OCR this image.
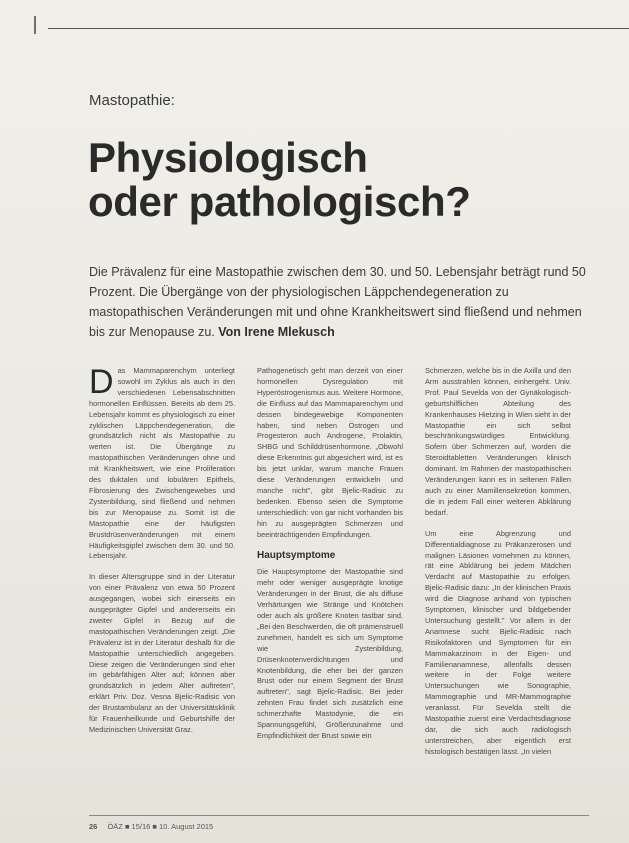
Mastopathie:
Physiologisch
oder pathologisch?
Die Prävalenz für eine Mastopathie zwischen dem 30. und 50. Lebensjahr beträgt rund 50 Prozent. Die Übergänge von der physiologischen Läppchendegeneration zu mastopathischen Veränderungen mit und ohne Krankheitswert sind fließend und nehmen bis zur Menopause zu. Von Irene Mlekusch

Das Mammaparenchym unterliegt sowohl im Zyklus als auch in den verschiedenen Lebensabschnitten hormonellen Einflüssen. Bereits ab dem 25. Lebensjahr kommt es physiologisch zu einer zyklischen Läppchendegeneration, die grundsätzlich nicht als Mastopathie zu werten ist. Die Übergänge zu mastopathischen Veränderungen ohne und mit Krankheitswert, wie eine Proliferation des duktalen und lobulären Epithels, Fibrosierung des Zwischengewebes und Zystenbildung, sind fließend und nehmen bis zur Menopause zu. Somit ist die Mastopathie eine der häufigsten Brustdrüsenveränderungen mit einem Häufigkeitsgipfel zwischen dem 30. und 50. Lebensjahr.

In dieser Altersgruppe sind in der Literatur von einer Prävalenz von etwa 50 Prozent ausgegangen, wobei sich einerseits ein ausgeprägter Gipfel und andererseits ein zweiter Gipfel in Bezug auf die mastopathischen Veränderungen zeigt. „Die Prävalenz ist in der Literatur deshalb für die Mastopathie unterschiedlich angegeben. Diese zeigen die Veränderungen sind eher im gebärfähigen Alter auf; können aber grundsätzlich in jedem Alter auftreten", erklärt Priv. Doz. Vesna Bjelic-Radisic von der Brustambulanz an der Universitätsklinik für Frauenheilkunde und Geburtshilfe der Medizinischen Universität Graz.

Pathogenetisch geht man derzeit von einer hormonellen Dysregulation mit Hyperöstrogenismus aus. Weitere Hormone, die Einfluss auf das Mammaparenchym und dessen bindegewebige Komponenten haben, sind neben Östrogen und Progesteron auch Androgene, Prolaktin, SHBG und Schilddrüsenhormone. „Obwohl diese Erkenntnis gut abgesichert wird, ist es bis jetzt unklar, warum manche Frauen diese Veränderungen entwickeln und manche nicht", gibt Bjelic-Radisic zu bedenken. Ebenso seien die Symptome unterschiedlich: von gar nicht vorhanden bis hin zu ausgeprägten Schmerzen und beeinträchtigenden Empfindungen.

Hauptsymptome

Die Hauptsymptome der Mastopathie sind mehr oder weniger ausgeprägte knotige Veränderungen in der Brust, die als diffuse Verhärtungen wie Stränge und Knötchen oder auch als größere Knoten tastbar sind. „Bei den Beschwerden, die oft prämenstruell zunehmen, handelt es sich um Symptome wie Zystenbildung, Drüsenknotenverdichtungen und Knotenbildung, die eher bei der ganzen Brust oder nur einem Segment der Brust auftreten", sagt Bjelic-Radisic. Bei jeder zehnten Frau findet sich zusätzlich eine schmerzhafte Mastodynie, die ein Spannungsgefühl, Größenzunahme und Empfindlichkeit der Brust sowie ein

Schmerzen, welche bis in die Axilla und den Arm ausstrahlen können, einhergeht. Univ. Prof. Paul Sevelda von der Gynäkologisch-geburtshilflichen Abteilung des Krankenhauses Hietzing in Wien sieht in der Mastopathie ein sich selbst beschränkungswürdiges Entwicklung. Sofern über Schmerzen auf, worden die Steroidtabletten Veränderungen klinisch dominant. Im Rahmen der mastopathischen Veränderungen kann es in seltenen Fällen auch zu einer Mamillensekretion kommen, die in jedem Fall einer weiteren Abklärung bedarf.

Um eine Abgrenzung und Differentialdiagnose zu Präkanzerosen und malignen Läsionen vornehmen zu können, rät eine Abklärung bei jedem Mädchen Verdacht auf Mastopathie zu erfolgen. Bjelic-Radisic dazu: „In der klinischen Praxis wird die Diagnose anhand von typischen Symptomen, klinischer und bildgebender Untersuchung gestellt." Vor allem in der Anamnese sucht Bjelic-Radisic nach Risikofaktoren und Symptomen für ein Mammakarzinom in der Eigen- und Familienanamnese, allenfalls dessen weitere in der Folge weitere Untersuchungen wie Sonographie, Mammographie und MR-Mammographie veranlasst. Für Sevelda stellt die Mastopathie zuerst eine Verdachtsdiagnose dar, die sich auch radiologisch unterstreichen, aber eigentlich erst histologisch bestätigen lässt. „In vielen

26 ÖÄZ ■ 15/16 ■ 10. August 2015
